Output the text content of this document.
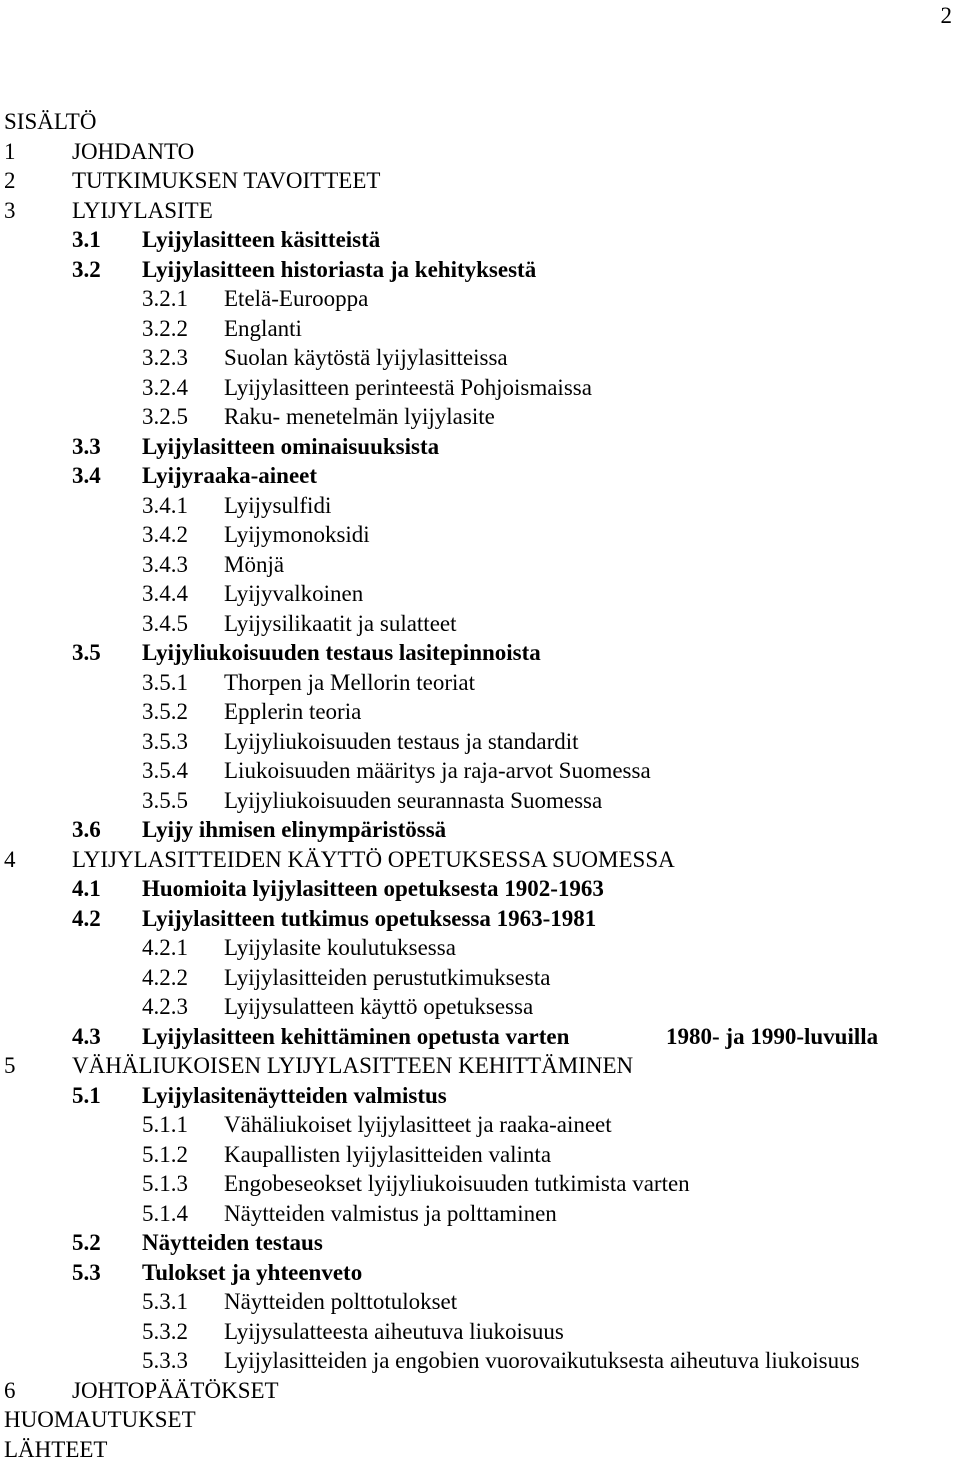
2
SISÄLTÖ
1 JOHDANTO
2 TUTKIMUKSEN TAVOITTEET
3 LYIJYLASITE
3.1 Lyijylasitteen käsitteistä
3.2 Lyijylasitteen historiasta ja kehityksestä
3.2.1 Etelä-Eurooppa
3.2.2 Englanti
3.2.3 Suolan käytöstä lyijylasitteissa
3.2.4 Lyijylasitteen perinteestä Pohjoismaissa
3.2.5 Raku- menetelmän lyijylasite
3.3 Lyijylasitteen ominaisuuksista
3.4 Lyijyraaka-aineet
3.4.1 Lyijysulfidi
3.4.2 Lyijymonoksidi
3.4.3 Mönjä
3.4.4 Lyijyvalkoinen
3.4.5 Lyijysilikaatit ja sulatteet
3.5 Lyijyliukoisuuden testaus lasitepinnoista
3.5.1 Thorpen ja Mellorin teoriat
3.5.2 Epplerin teoria
3.5.3 Lyijyliukoisuuden testaus ja standardit
3.5.4 Liukoisuuden määritys ja raja-arvot Suomessa
3.5.5 Lyijyliukoisuuden seurannasta Suomessa
3.6 Lyijy ihmisen elinympäristössä
4 LYIJYLASITTEIDEN KÄYTTÖ OPETUKSESSA SUOMESSA
4.1 Huomioita lyijylasitteen opetuksesta 1902-1963
4.2 Lyijylasitteen tutkimus opetuksessa 1963-1981
4.2.1 Lyijylasite koulutuksessa
4.2.2 Lyijylasitteiden perustutkimuksesta
4.2.3 Lyijysulatteen käyttö opetuksessa
4.3 Lyijylasitteen kehittäminen opetusta varten	1980- ja 1990-luvuilla
5 VÄHÄLIUKOISEN LYIJYLASITTEEN KEHITTÄMINEN
5.1 Lyijylasitenäytteiden valmistus
5.1.1 Vähäliukoiset lyijylasitteet ja raaka-aineet
5.1.2 Kaupallisten lyijylasitteiden valinta
5.1.3 Engobeseokset lyijyliukoisuuden tutkimista varten
5.1.4 Näytteiden valmistus ja polttaminen
5.2 Näytteiden testaus
5.3 Tulokset ja yhteenveto
5.3.1 Näytteiden polttotulokset
5.3.2 Lyijysulatteesta aiheutuva liukoisuus
5.3.3 Lyijylasitteiden ja engobien vuorovaikutuksesta aiheutuva liukoisuus
6 JOHTOPÄÄTÖKSET
HUOMAUTUKSET
LÄHTEET
